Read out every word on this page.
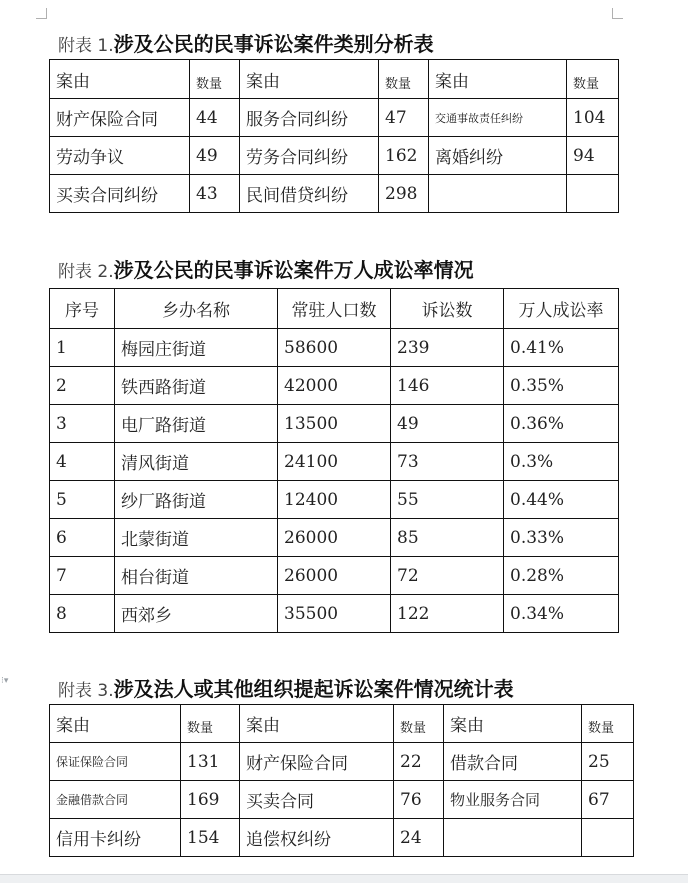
⁝▾
附表 1.涉及公民的民事诉讼案件类别分析表
案由	数量	案由	数量	案由	数量
财产保险合同	44	服务合同纠纷	47	交通事故责任纠纷	104
劳动争议	49	劳务合同纠纷	162	离婚纠纷	94
买卖合同纠纷	43	民间借贷纠纷	298		
附表 2.涉及公民的民事诉讼案件万人成讼率情况
序号	乡办名称	常驻人口数	诉讼数	万人成讼率
1	梅园庄街道	58600	239	0.41%
2	铁西路街道	42000	146	0.35%
3	电厂路街道	13500	49	0.36%
4	清风街道	24100	73	0.3%
5	纱厂路街道	12400	55	0.44%
6	北蒙街道	26000	85	0.33%
7	相台街道	26000	72	0.28%
8	西郊乡	35500	122	0.34%
附表 3.涉及法人或其他组织提起诉讼案件情况统计表
案由	数量	案由	数量	案由	数量
保证保险合同	131	财产保险合同	22	借款合同	25
金融借款合同	169	买卖合同	76	物业服务合同	67
信用卡纠纷	154	追偿权纠纷	24		
